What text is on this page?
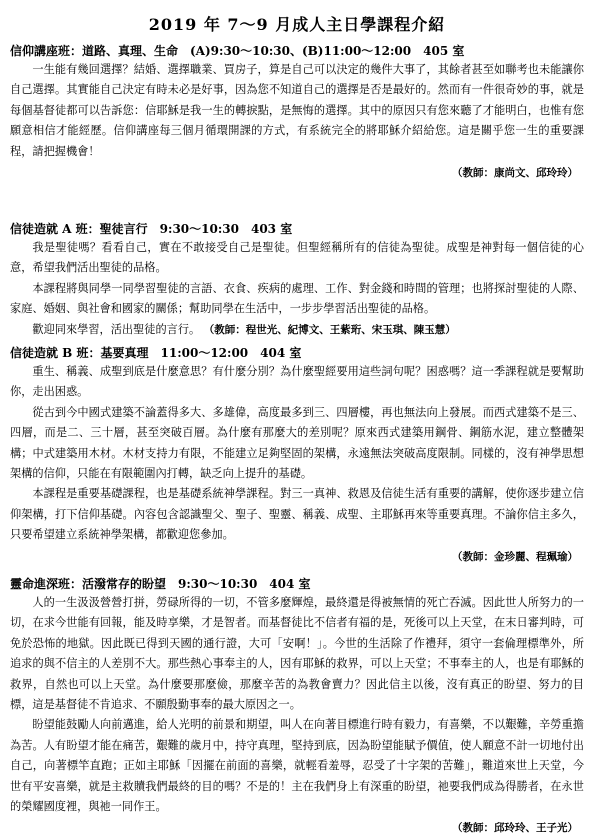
2019 年 7～9 月成人主日學課程介紹
信仰講座班：道路、真理、生命　(A)9:30～10:30、(B)11:00～12:00　405 室

一生能有幾回選擇？結婚、選擇職業、買房子，算是自己可以決定的幾件大事了，其餘者甚至如聯考也未能讓你自己選擇。其實能自己決定有時未必是好事，因為您不知道自己的選擇是否是最好的。然而有一件很奇妙的事，就是每個基督徒都可以告訴您：信耶穌是我一生的轉捩點，是無悔的選擇。其中的原因只有您來聽了才能明白，也惟有您願意相信才能經歷。信仰講座每三個月循環開課的方式，有系統完全的將耶穌介紹給您。這是關乎您一生的重要課程，請把握機會！

（教師：康尚文、邱玲玲）
信徒造就 A 班：聖徒言行　9:30～10:30　403 室

我是聖徒嗎？看看自己，實在不敢接受自己是聖徒。但聖經稱所有的信徒為聖徒。成聖是神對每一個信徒的心意，希望我們活出聖徒的品格。

本課程將與同學一同學習聖徒的言語、衣食、疾病的處理、工作、對金錢和時間的管理；也將探討聖徒的人際、家庭、婚姻、與社會和國家的關係；幫助同學在生活中，一步步學習活出聖徒的品格。

歡迎同來學習，活出聖徒的言行。 （教師：程世光、紀博文、王紫珩、宋玉琪、陳玉慧）

信徒造就 B 班：基要真理　11:00～12:00　404 室

重生、稱義、成聖到底是什麼意思？有什麼分別？為什麼聖經要用這些詞句呢？困惑嗎？這一季課程就是要幫助你，走出困惑。

從古到今中國式建築不論蓋得多大、多雄偉，高度最多到三、四層樓，再也無法向上發展。而西式建築不是三、四層，而是二、三十層，甚至突破百層。為什麼有那麼大的差別呢？原來西式建築用鋼骨、鋼筋水泥，建立整體架構；中式建築用木材。木材支持力有限，不能建立足夠堅固的架構，永遠無法突破高度限制。同樣的，沒有神學思想架構的信仰，只能在有限範圍內打轉，缺乏向上提升的基礎。

本課程是重要基礎課程，也是基礎系統神學課程。對三一真神、救恩及信徒生活有重要的講解，使你逐步建立信仰架構，打下信仰基礎。內容包含認識聖父、聖子、聖靈、稱義、成聖、主耶穌再來等重要真理。不論你信主多久，只要希望建立系統神學架構，都歡迎您參加。

（教師：金珍麗、程珮瑜）
靈命進深班：活潑常存的盼望　9:30～10:30　404 室

人的一生汲汲營營打拼，勞碌所得的一切，不管多麼輝煌，最終還是得被無情的死亡吞滅。因此世人所努力的一切，在求今世能有回報，能及時享樂，才是智者。而基督徒比不信者有福的是，死後可以上天堂，在末日審判時，可免於恐怖的地獄。因此既已得到天國的通行證，大可「安啊！」。今世的生活除了作禮拜，須守一套倫理標準外，所追求的與不信主的人差別不大。那些熱心事奉主的人，因有耶穌的救界，可以上天堂；不事奉主的人，也是有耶穌的救界，自然也可以上天堂。為什麼要那麼儉，那麼辛苦的為教會賣力？因此信主以後，沒有真正的盼望、努力的目標，這是基督徒不肯追求、不願殷勤事奉的最大原因之一。

盼望能鼓勵人向前邁進，給人光明的前景和期望，叫人在向著目標進行時有毅力，有喜樂，不以艱難，辛勞重擔為苦。人有盼望才能在痛苦，艱難的歲月中，持守真理，堅持到底，因為盼望能賦予價值，使人願意不計一切地付出自己，向著標竿直跑；正如主耶穌「因擺在前面的喜樂，就輕看羞辱，忍受了十字架的苦難」，難道來世上天堂，今世有平安喜樂，就是主救贖我們最終的目的嗎？不是的！主在我們身上有深重的盼望，祂要我們成為得勝者，在永世的榮耀國度裡，與祂一同作王。

（教師：邱玲玲、王子光）
